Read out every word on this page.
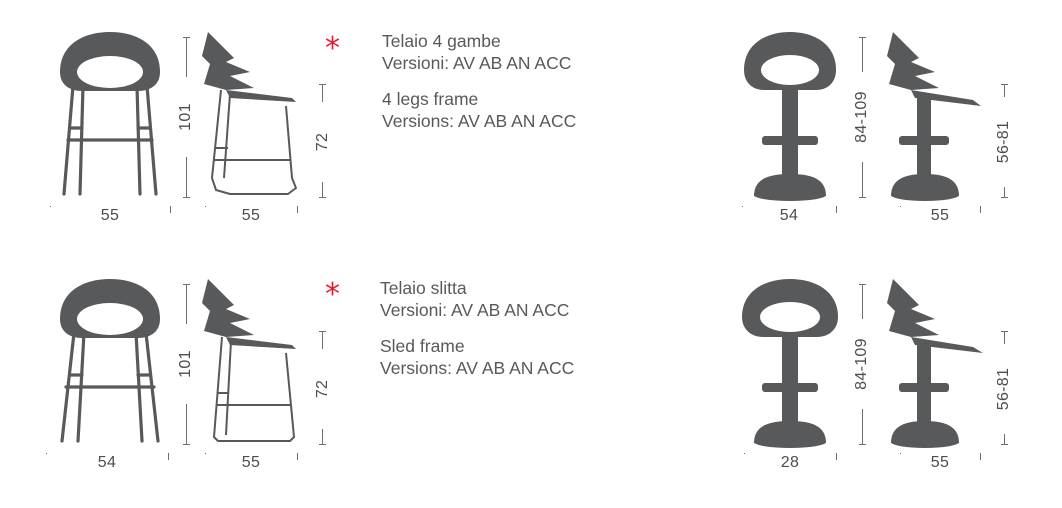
55
101
55
72
* Telaio 4 gambe
Versioni: AV AB AN ACC
4 legs frame
Versions: AV AB AN ACC
54
84-109
55
56-81
54
101
55
72
* Telaio slitta
Versioni: AV AB AN ACC
Sled frame
Versions: AV AB AN ACC
28
84-109
55
56-81
